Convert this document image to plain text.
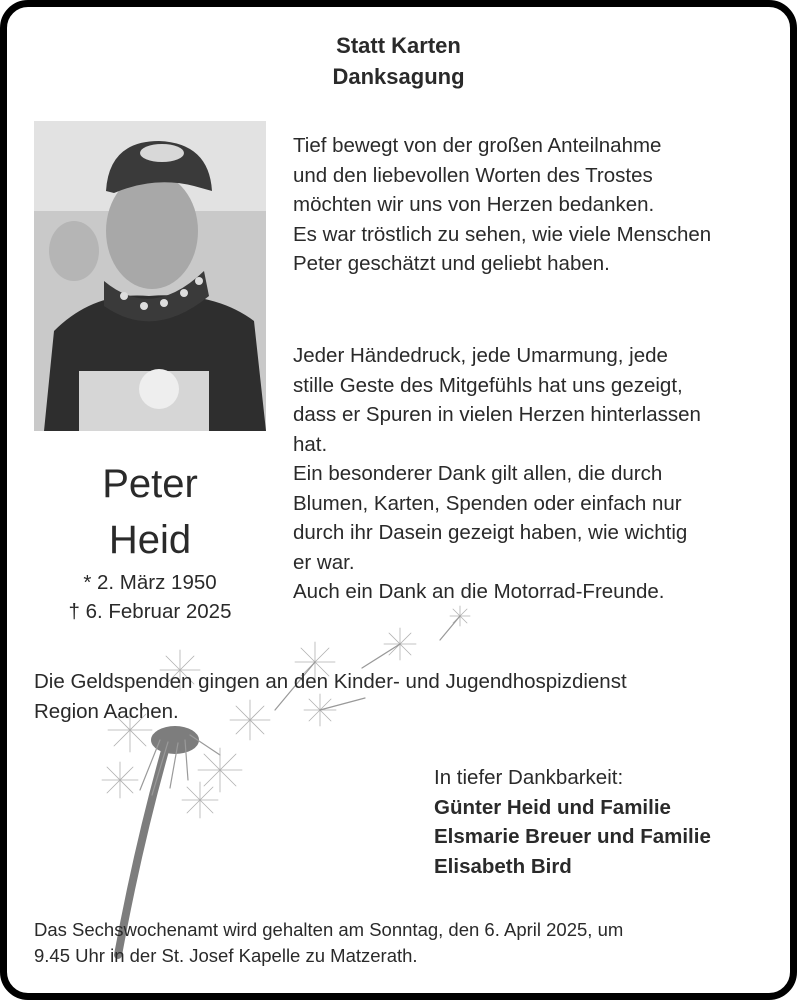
Statt Karten
Danksagung
Tief bewegt von der großen Anteilnahme
und den liebevollen Worten des Trostes
möchten wir uns von Herzen bedanken.
Es war tröstlich zu sehen, wie viele Menschen
Peter geschätzt und geliebt haben.
Jeder Händedruck, jede Umarmung, jede
stille Geste des Mitgefühls hat uns gezeigt,
dass er Spuren in vielen Herzen hinterlassen
hat.
Ein besonderer Dank gilt allen, die durch
Blumen, Karten, Spenden oder einfach nur
durch ihr Dasein gezeigt haben, wie wichtig
er war.
Auch ein Dank an die Motorrad-Freunde.
Peter
Heid
* 2. März 1950
† 6. Februar 2025
Die Geldspenden gingen an den Kinder- und Jugendhospizdienst
Region Aachen.
In tiefer Dankbarkeit:
Günter Heid und Familie
Elsmarie Breuer und Familie
Elisabeth Bird
Das Sechswochenamt wird gehalten am Sonntag, den 6. April 2025, um
9.45 Uhr in der St. Josef Kapelle zu Matzerath.
